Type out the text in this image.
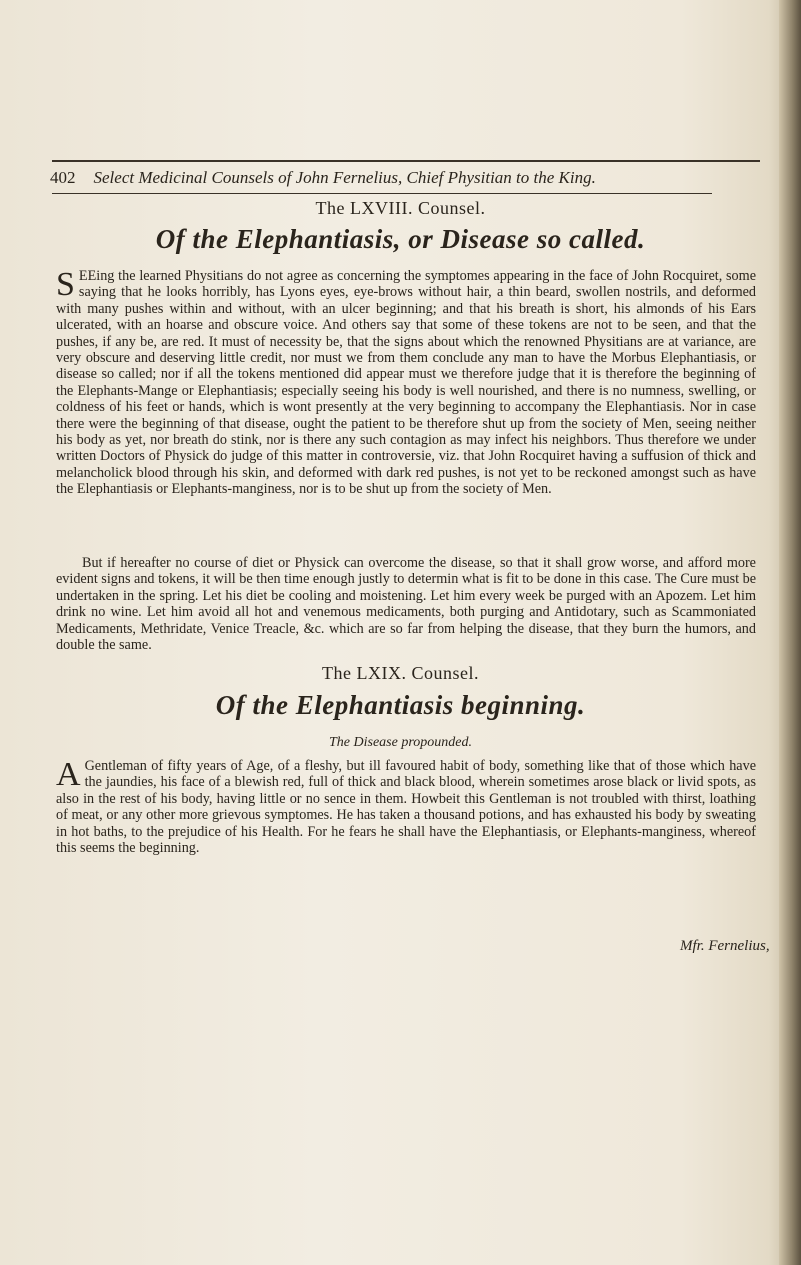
402 Select Medicinal Counsels of John Fernelius, Chief Physitian to the King.
The LXVIII. Counsel.
Of the Elephantiasis, or Disease so called.

S EEing the learned Physitians do not agree as concerning the symptomes appearing in the face of John Rocquiret, some saying that he looks horribly, has Lyons eyes, eye-brows without hair, a thin beard, swollen nostrils, and deformed with many pushes within and without, with an ulcer beginning; and that his breath is short, his almonds of his Ears ulcerated, with an hoarse and obscure voice. And others say that some of these tokens are not to be seen, and that the pushes, if any be, are red. It must of necessity be, that the signs about which the renowned Physitians are at variance, are very obscure and deserving little credit, nor must we from them conclude any man to have the Morbus Elephantiasis, or disease so called; nor if all the tokens mentioned did appear must we therefore judge that it is therefore the beginning of the Elephants-Mange or Elephantiasis; especially seeing his body is well nourished, and there is no numness, swelling, or coldness of his feet or hands, which is wont presently at the very beginning to accompany the Elephantiasis. Nor in case there were the beginning of that disease, ought the patient to be therefore shut up from the society of Men, seeing neither his body as yet, nor breath do stink, nor is there any such contagion as may infect his neighbors. Thus therefore we under written Doctors of Physick do judge of this matter in controversie, viz. that John Rocquiret having a suffusion of thick and melancholick blood through his skin, and deformed with dark red pushes, is not yet to be reckoned amongst such as have the Elephantiasis or Elephants-manginess, nor is to be shut up from the society of Men.

But if hereafter no course of diet or Physick can overcome the disease, so that it shall grow worse, and afford more evident signs and tokens, it will be then time enough justly to determin what is fit to be done in this case. The Cure must be undertaken in the spring. Let his diet be cooling and moistening. Let him every week be purged with an Apozem. Let him drink no wine. Let him avoid all hot and venemous medicaments, both purging and Antidotary, such as Scammoniated Medicaments, Methridate, Venice Treacle, &c. which are so far from helping the disease, that they burn the humors, and double the same.

The LXIX. Counsel.
Of the Elephantiasis beginning.
The Disease propounded.

A Gentleman of fifty years of Age, of a fleshy, but ill favoured habit of body, something like that of those which have the jaundies, his face of a blewish red, full of thick and black blood, wherein sometimes arose black or livid spots, as also in the rest of his body, having little or no sence in them. Howbeit this Gentleman is not troubled with thirst, loathing of meat, or any other more grievous symptomes. He has taken a thousand potions, and has exhausted his body by sweating in hot baths, to the prejudice of his Health. For he fears he shall have the Elephantiasis, or Elephants-manginess, whereof this seems the beginning.

Mfr. Fernelius,
